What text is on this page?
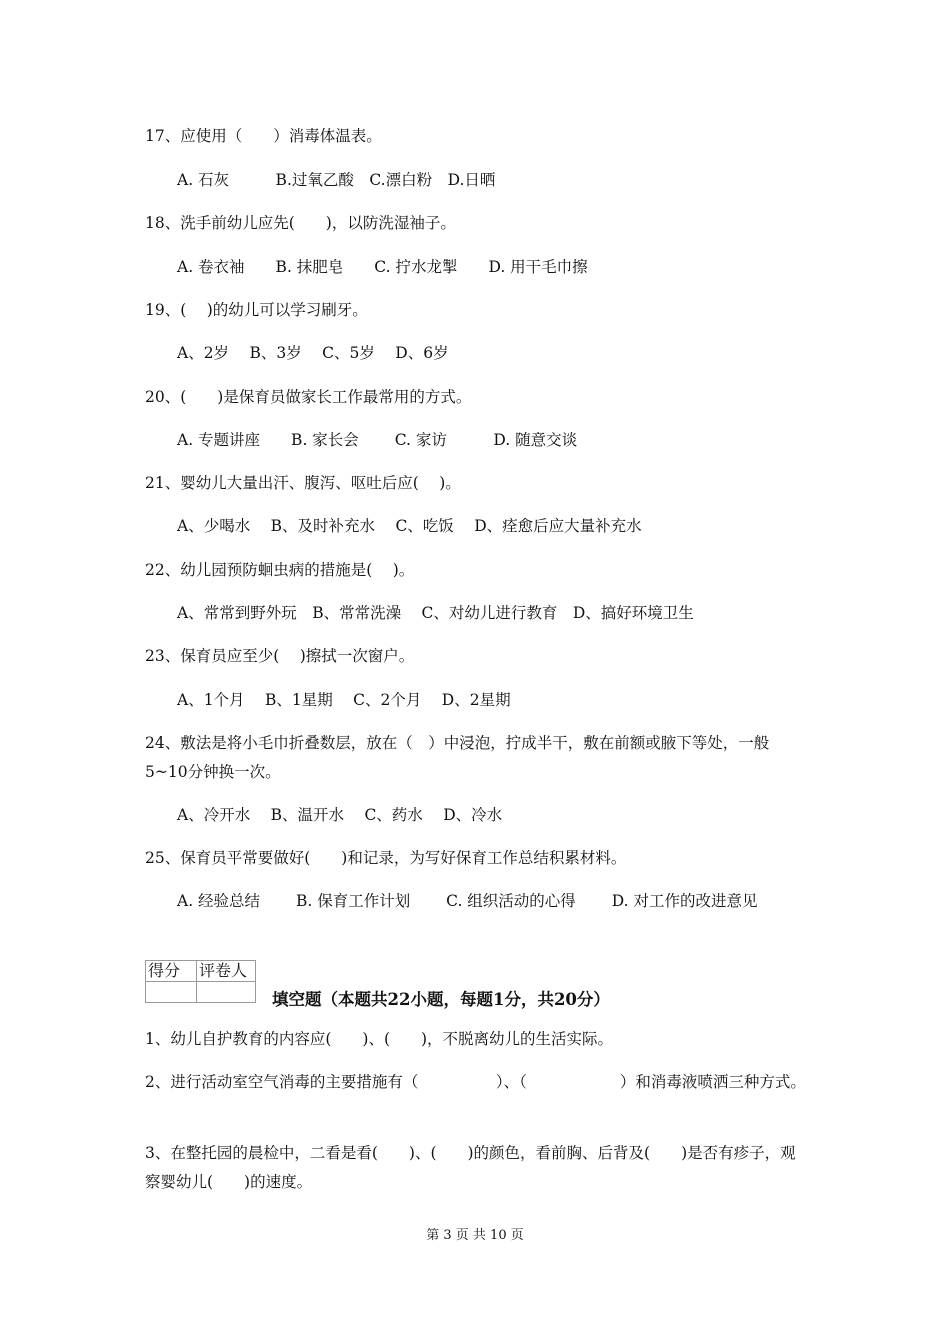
17、应使用（　　）消毒体温表。
A. 石灰　　　B.过氧乙酸　C.漂白粉　D.日晒
18、洗手前幼儿应先(　　)，以防洗湿袖子。
A. 卷衣袖　　B. 抹肥皂　　C. 拧水龙掣　　D. 用干毛巾擦
19、(　 )的幼儿可以学习刷牙。
A、2岁　 B、3岁　 C、5岁　 D、6岁
20、(　　)是保育员做家长工作最常用的方式。
A. 专题讲座　　B. 家长会　　 C. 家访　　　D. 随意交谈
21、婴幼儿大量出汗、腹泻、呕吐后应(　 )。
A、少喝水　 B、及时补充水　 C、吃饭　 D、痊愈后应大量补充水
22、幼儿园预防蛔虫病的措施是(　 )。
A、常常到野外玩　B、常常洗澡　 C、对幼儿进行教育　D、搞好环境卫生
23、保育员应至少(　 )擦拭一次窗户。
A、1个月　 B、1星期　 C、2个月　 D、2星期
24、敷法是将小毛巾折叠数层，放在（　）中浸泡，拧成半干，敷在前额或腋下等处，一般5~10分钟换一次。
A、冷开水　 B、温开水　 C、药水　 D、冷水
25、保育员平常要做好(　　)和记录，为写好保育工作总结积累材料。
A. 经验总结　　 B. 保育工作计划　　 C. 组织活动的心得　　 D. 对工作的改进意见
得分	评卷人

填空题（本题共22小题，每题1分，共20分）
1、幼儿自护教育的内容应(　　)、(　　)，不脱离幼儿的生活实际。
2、进行活动室空气消毒的主要措施有（　　　　　）、（　　　　　　）和消毒液喷洒三种方式。
3、在整托园的晨检中，二看是看(　　)、(　　)的颜色，看前胸、后背及(　　)是否有疹子，观察婴幼儿(　　)的速度。
第 3 页 共 10 页
